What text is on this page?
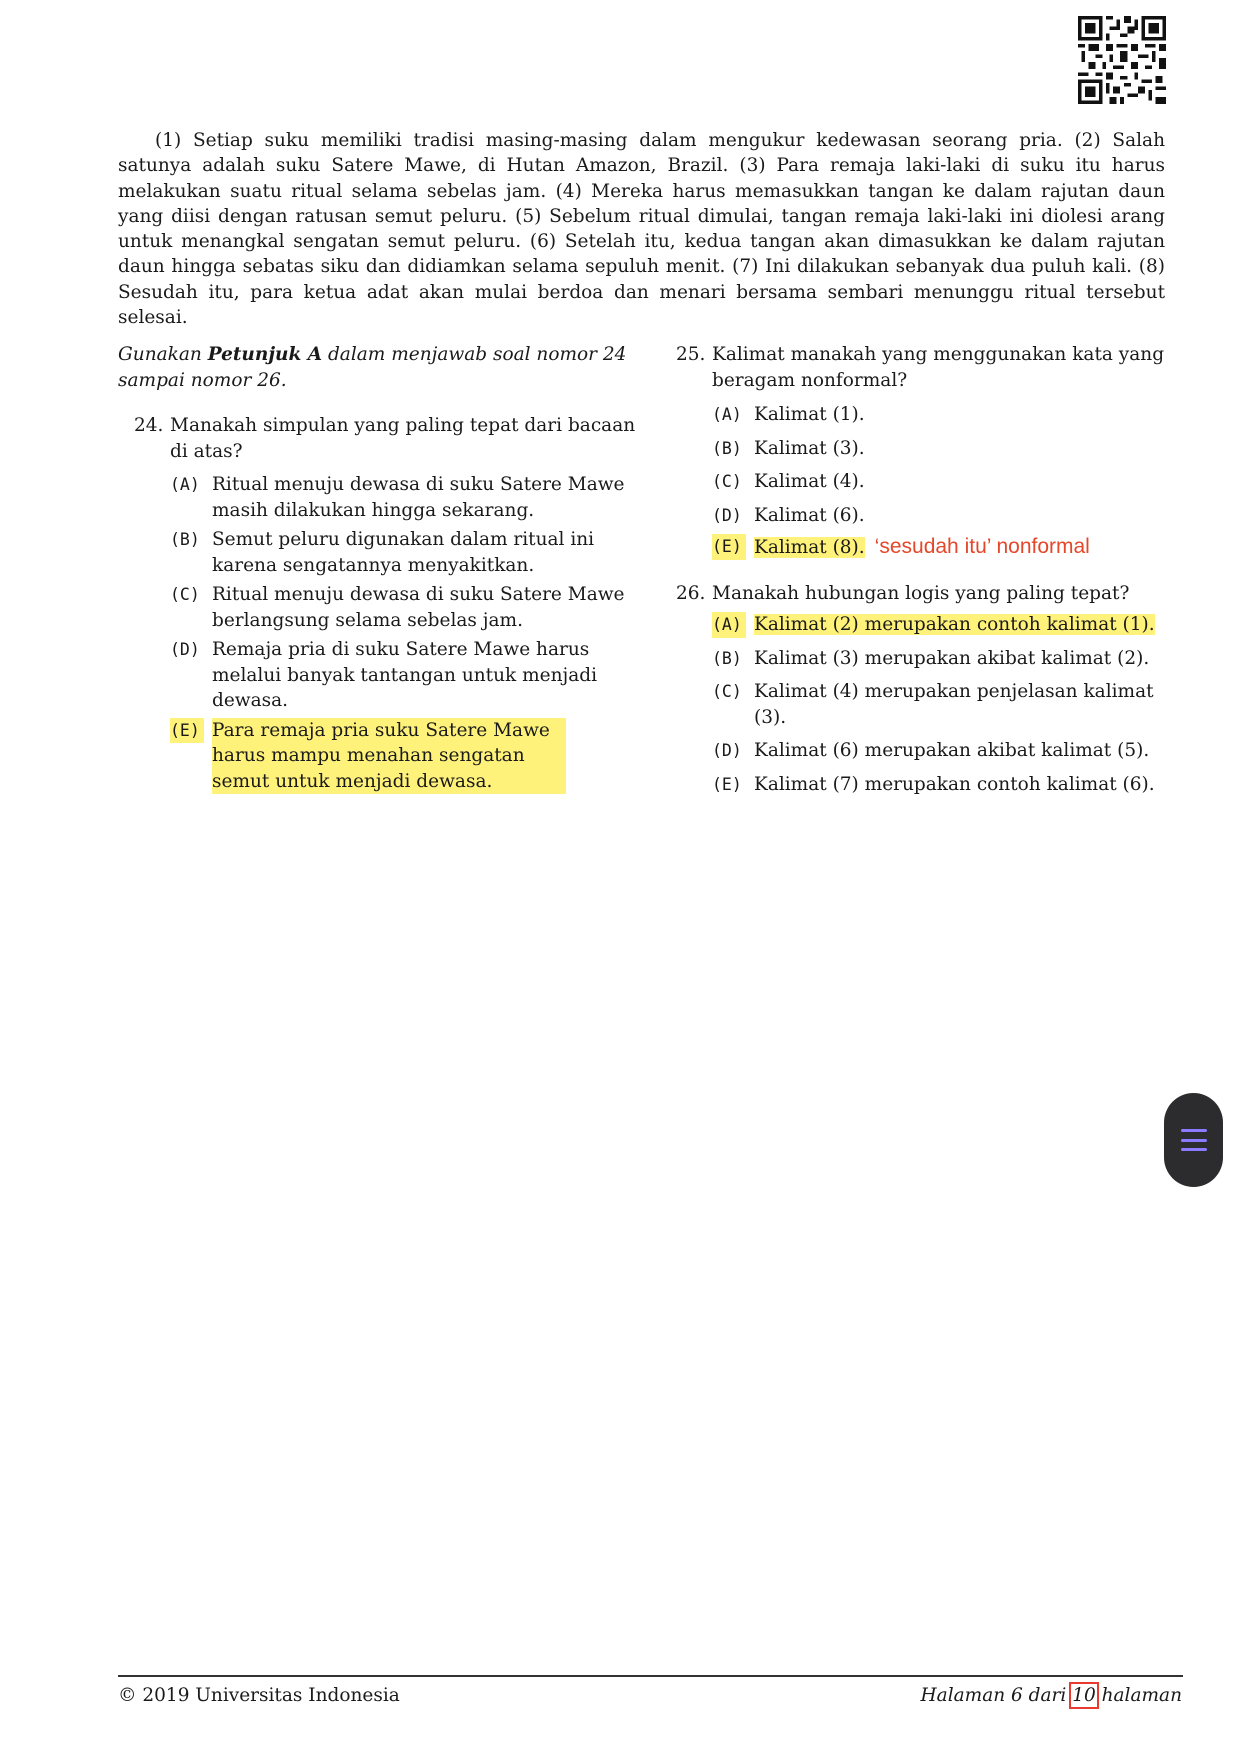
(1) Setiap suku memiliki tradisi masing-masing dalam mengukur kedewasan seorang pria. (2) Salah satunya adalah suku Satere Mawe, di Hutan Amazon, Brazil. (3) Para remaja laki-laki di suku itu harus melakukan suatu ritual selama sebelas jam. (4) Mereka harus memasukkan tangan ke dalam rajutan daun yang diisi dengan ratusan semut peluru. (5) Sebelum ritual dimulai, tangan remaja laki-laki ini diolesi arang untuk menangkal sengatan semut peluru. (6) Setelah itu, kedua tangan akan dimasukkan ke dalam rajutan daun hingga sebatas siku dan didiamkan selama sepuluh menit. (7) Ini dilakukan sebanyak dua puluh kali. (8) Sesudah itu, para ketua adat akan mulai berdoa dan menari bersama sembari menunggu ritual tersebut selesai.

Gunakan Petunjuk A dalam menjawab soal nomor 24 sampai nomor 26.

24. Manakah simpulan yang paling tepat dari bacaan di atas?
(A) Ritual menuju dewasa di suku Satere Mawe masih dilakukan hingga sekarang.
(B) Semut peluru digunakan dalam ritual ini karena sengatannya menyakitkan.
(C) Ritual menuju dewasa di suku Satere Mawe berlangsung selama sebelas jam.
(D) Remaja pria di suku Satere Mawe harus melalui banyak tantangan untuk menjadi dewasa.
(E) Para remaja pria suku Satere Mawe harus mampu menahan sengatan semut untuk menjadi dewasa.
25. Kalimat manakah yang menggunakan kata yang beragam nonformal?
(A) Kalimat (1).
(B) Kalimat (3).
(C) Kalimat (4).
(D) Kalimat (6).
(E) Kalimat (8). ‘sesudah itu’ nonformal
26. Manakah hubungan logis yang paling tepat?
(A) Kalimat (2) merupakan contoh kalimat (1).
(B) Kalimat (3) merupakan akibat kalimat (2).
(C) Kalimat (4) merupakan penjelasan kalimat (3).
(D) Kalimat (6) merupakan akibat kalimat (5).
(E) Kalimat (7) merupakan contoh kalimat (6).
© 2019 Universitas Indonesia	Halaman 6 dari 10 halaman
